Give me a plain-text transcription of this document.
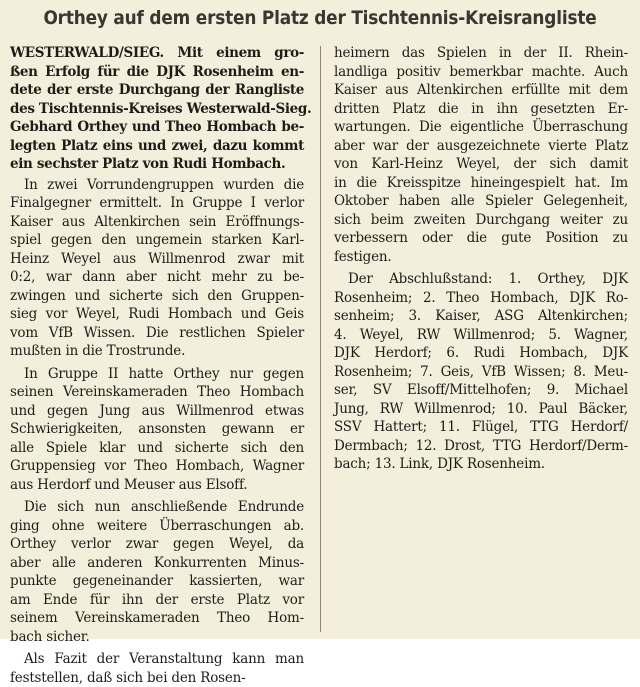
Orthey auf dem ersten Platz der Tischtennis-Kreisrangliste
WESTERWALD/SIEG. Mit einem gro-
ßen Erfolg für die DJK Rosenheim en-
dete der erste Durchgang der Rangliste
des Tischtennis-Kreises Westerwald-Sieg.
Gebhard Orthey und Theo Hombach be-
legten Platz eins und zwei, dazu kommt
ein sechster Platz von Rudi Hombach.
In zwei Vorrundengruppen wurden die
Finalgegner ermittelt. In Gruppe I verlor
Kaiser aus Altenkirchen sein Eröffnungs-
spiel gegen den ungemein starken Karl-
Heinz Weyel aus Willmenrod zwar mit
0:2, war dann aber nicht mehr zu be-
zwingen und sicherte sich den Gruppen-
sieg vor Weyel, Rudi Hombach und Geis
vom VfB Wissen. Die restlichen Spieler
mußten in die Trostrunde.
In Gruppe II hatte Orthey nur gegen
seinen Vereinskameraden Theo Hombach
und gegen Jung aus Willmenrod etwas
Schwierigkeiten, ansonsten gewann er
alle Spiele klar und sicherte sich den
Gruppensieg vor Theo Hombach, Wagner
aus Herdorf und Meuser aus Elsoff.
Die sich nun anschließende Endrunde
ging ohne weitere Überraschungen ab.
Orthey verlor zwar gegen Weyel, da
aber alle anderen Konkurrenten Minus-
punkte gegeneinander kassierten, war
am Ende für ihn der erste Platz vor
seinem Vereinskameraden Theo Hom-
bach sicher.
Als Fazit der Veranstaltung kann man
feststellen, daß sich bei den Rosen-
heimern das Spielen in der II. Rhein-
landliga positiv bemerkbar machte. Auch
Kaiser aus Altenkirchen erfüllte mit dem
dritten Platz die in ihn gesetzten Er-
wartungen. Die eigentliche Überraschung
aber war der ausgezeichnete vierte Platz
von Karl-Heinz Weyel, der sich damit
in die Kreisspitze hineingespielt hat. Im
Oktober haben alle Spieler Gelegenheit,
sich beim zweiten Durchgang weiter zu
verbessern oder die gute Position zu
festigen.
Der Abschlußstand: 1. Orthey, DJK
Rosenheim; 2. Theo Hombach, DJK Ro-
senheim; 3. Kaiser, ASG Altenkirchen;
4. Weyel, RW Willmenrod; 5. Wagner,
DJK Herdorf; 6. Rudi Hombach, DJK
Rosenheim; 7. Geis, VfB Wissen; 8. Meu-
ser, SV Elsoff/Mittelhofen; 9. Michael
Jung, RW Willmenrod; 10. Paul Bäcker,
SSV Hattert; 11. Flügel, TTG Herdorf/
Dermbach; 12. Drost, TTG Herdorf/Derm-
bach; 13. Link, DJK Rosenheim.
